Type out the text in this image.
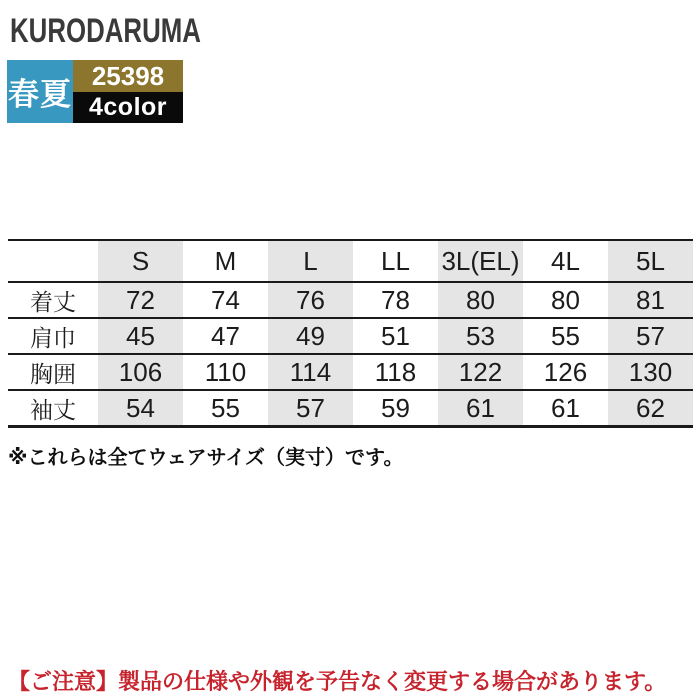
KURODARUMA
春夏
25398
4color
	S	M	L	LL	3L(EL)	4L	5L
着丈	72	74	76	78	80	80	81
肩巾	45	47	49	51	53	55	57
胸囲	106	110	114	118	122	126	130
袖丈	54	55	57	59	61	61	62
※これらは全てウェアサイズ（実寸）です。
【ご注意】製品の仕様や外観を予告なく変更する場合があります。
